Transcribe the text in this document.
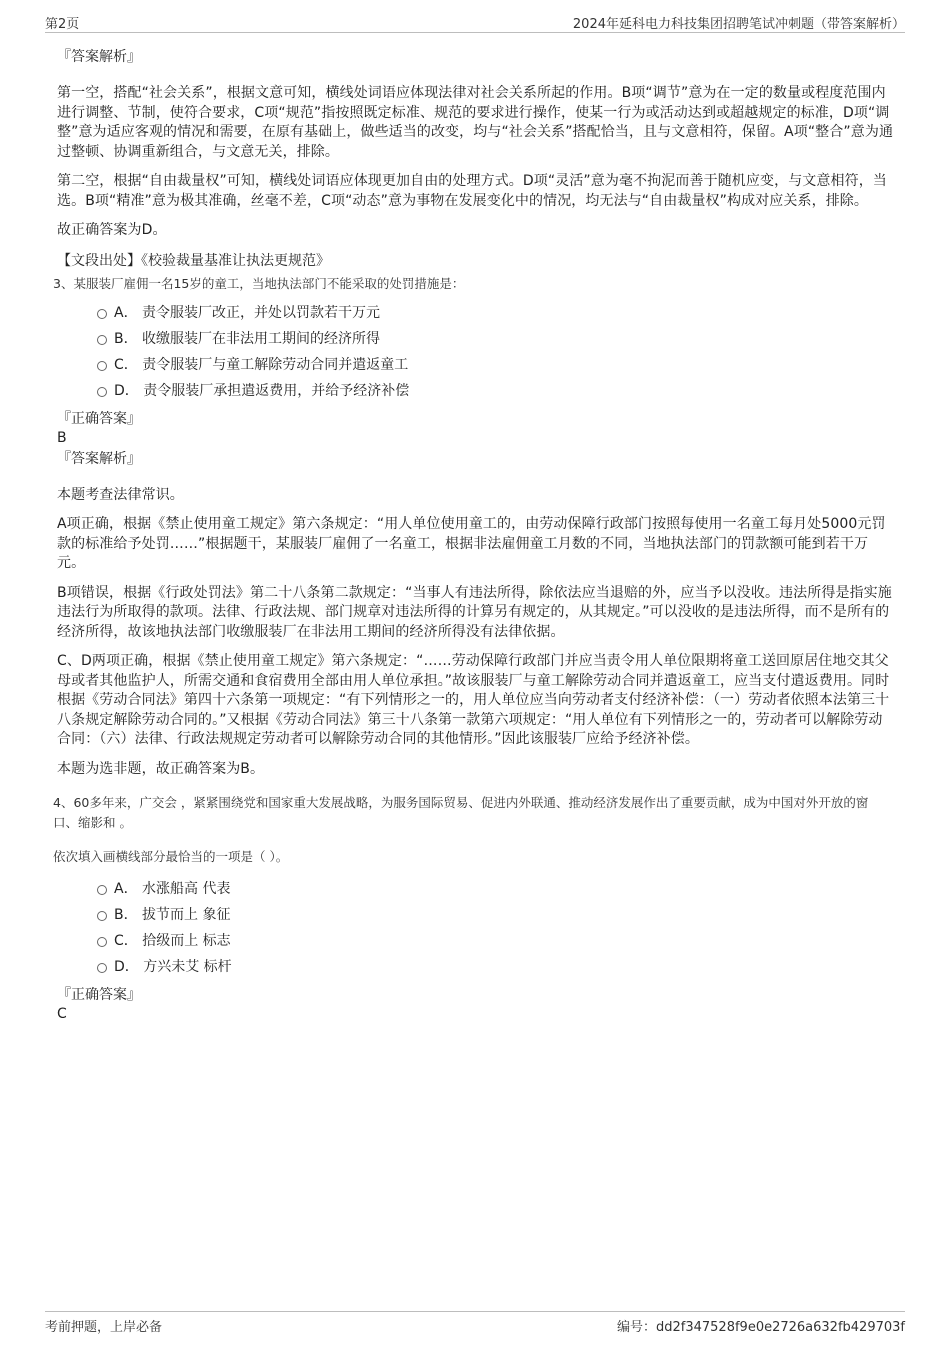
第2页	2024年延科电力科技集团招聘笔试冲刺题（带答案解析）

『答案解析』

第一空，搭配“社会关系”，根据文意可知，横线处词语应体现法律对社会关系所起的作用。B项“调节”意为在一定的数量或程度范围内进行调整、节制，使符合要求，C项“规范”指按照既定标准、规范的要求进行操作，使某一行为或活动达到或超越规定的标准，D项“调整”意为适应客观的情况和需要，在原有基础上，做些适当的改变，均与“社会关系”搭配恰当，且与文意相符，保留。A项“整合”意为通过整顿、协调重新组合，与文意无关，排除。

第二空，根据“自由裁量权”可知，横线处词语应体现更加自由的处理方式。D项“灵活”意为毫不拘泥而善于随机应变，与文意相符，当选。B项“精准”意为极其准确，丝毫不差，C项“动态”意为事物在发展变化中的情况，均无法与“自由裁量权”构成对应关系，排除。

故正确答案为D。

【文段出处】《校验裁量基准让执法更规范》

3、某服装厂雇佣一名15岁的童工，当地执法部门不能采取的处罚措施是：

A． 责令服装厂改正，并处以罚款若干万元
B． 收缴服装厂在非法用工期间的经济所得
C． 责令服装厂与童工解除劳动合同并遣返童工
D． 责令服装厂承担遣返费用，并给予经济补偿

『正确答案』

B

『答案解析』

本题考查法律常识。

A项正确，根据《禁止使用童工规定》第六条规定：“用人单位使用童工的，由劳动保障行政部门按照每使用一名童工每月处5000元罚款的标准给予处罚……”根据题干，某服装厂雇佣了一名童工，根据非法雇佣童工月数的不同，当地执法部门的罚款额可能到若干万元。

B项错误，根据《行政处罚法》第二十八条第二款规定：“当事人有违法所得，除依法应当退赔的外，应当予以没收。违法所得是指实施违法行为所取得的款项。法律、行政法规、部门规章对违法所得的计算另有规定的，从其规定。”可以没收的是违法所得，而不是所有的经济所得，故该地执法部门收缴服装厂在非法用工期间的经济所得没有法律依据。

C、D两项正确，根据《禁止使用童工规定》第六条规定：“……劳动保障行政部门并应当责令用人单位限期将童工送回原居住地交其父母或者其他监护人，所需交通和食宿费用全部由用人单位承担。”故该服装厂与童工解除劳动合同并遣返童工，应当支付遣返费用。同时根据《劳动合同法》第四十六条第一项规定：“有下列情形之一的，用人单位应当向劳动者支付经济补偿：（一）劳动者依照本法第三十八条规定解除劳动合同的。”又根据《劳动合同法》第三十八条第一款第六项规定：“用人单位有下列情形之一的，劳动者可以解除劳动合同：（六）法律、行政法规规定劳动者可以解除劳动合同的其他情形。”因此该服装厂应给予经济补偿。

本题为选非题，故正确答案为B。

4、60多年来，广交会 ，紧紧围绕党和国家重大发展战略，为服务国际贸易、促进内外联通、推动经济发展作出了重要贡献，成为中国对外开放的窗口、缩影和 。

依次填入画横线部分最恰当的一项是（ ）。

A． 水涨船高 代表
B． 拔节而上 象征
C． 拾级而上 标志
D． 方兴未艾 标杆

『正确答案』

C

考前押题，上岸必备	编号：dd2f347528f9e0e2726a632fb429703f
